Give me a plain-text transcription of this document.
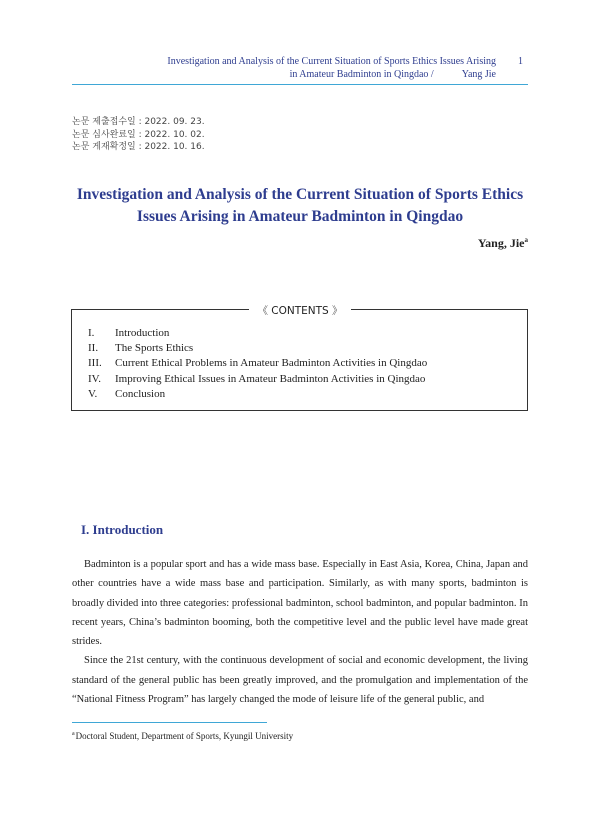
Investigation and Analysis of the Current Situation of Sports Ethics Issues Arising
in Amateur Badminton in Qingdao /	Yang Jie
1
논문 제출접수일 : 2022. 09. 23.
논문 심사완료일 : 2022. 10. 02.
논문 게재확정일 : 2022. 10. 16.
Investigation and Analysis of the Current Situation of Sports Ethics
Issues Arising in Amateur Badminton in Qingdao
Yang, Jie$^a$
《 CONTENTS 》
I.	Introduction
II.	The Sports Ethics
III.	Current Ethical Problems in Amateur Badminton Activities in Qingdao
IV.	Improving Ethical Issues in Amateur Badminton Activities in Qingdao
V.	Conclusion
I. Introduction

Badminton is a popular sport and has a wide mass base. Especially in East Asia, Korea, China, Japan and other countries have a wide mass base and participation. Similarly, as with many sports, badminton is broadly divided into three categories: professional badminton, school badminton, and popular badminton. In recent years, China’s badminton booming, both the competitive level and the public level have made great strides.

Since the 21st century, with the continuous development of social and economic development, the living standard of the general public has been greatly improved, and the promulgation and implementation of the “National Fitness Program” has largely changed the mode of leisure life of the general public, and

$^a$Doctoral Student, Department of Sports, Kyungil University
